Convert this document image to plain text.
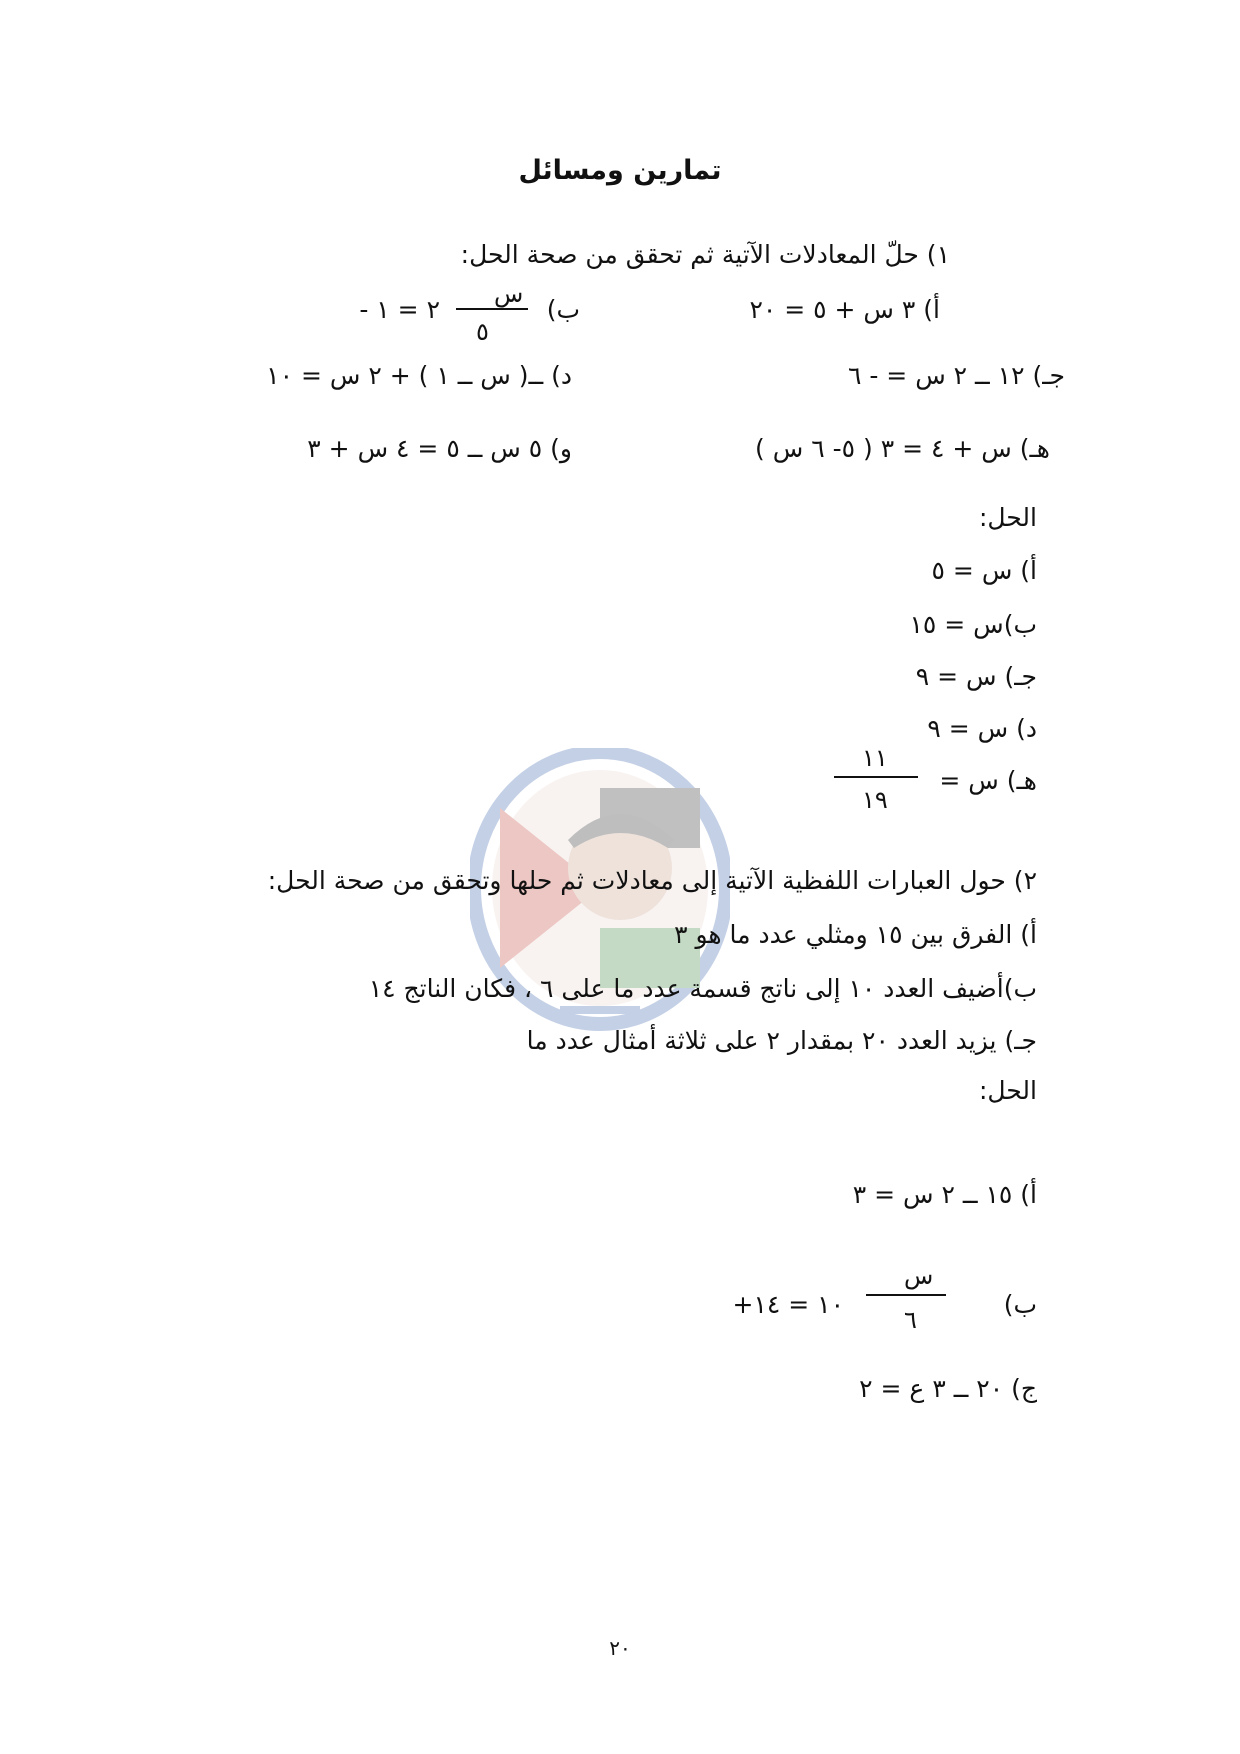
تمارين ومسائل
١) حلّ المعادلات الآتية ثم تحقق من صحة الحل:
أ) ٣ س + ٥ = ٢٠
ب)
س
٥
- ٢ = ١
جـ) ١٢ ــ ٢ س = - ٦
د) ــ( س ــ ١ ) + ٢ س = ١٠
هـ) س + ٤ = ٣ ( ٥- ٦ س )
و) ٥ س ــ ٥ = ٤ س + ٣
الحل:
أ) س = ٥
ب)س = ١٥
جـ) س = ٩
د) س = ٩
هـ) س =
١١
١٩
٢) حول العبارات اللفظية الآتية إلى معادلات ثم حلها وتحقق من صحة الحل:
أ) الفرق بين ١٥ ومثلي عدد ما هو ٣
ب)أضيف العدد ١٠ إلى ناتج قسمة عدد ما على ٦ ، فكان الناتج ١٤
جـ) يزيد العدد ٢٠ بمقدار ٢ على ثلاثة أمثال عدد ما
الحل:
أ) ١٥ ــ ٢ س = ٣
ب)
س
٦
+١٠ = ١٤
ج) ٢٠ ــ ٣ ع = ٢
٢٠
